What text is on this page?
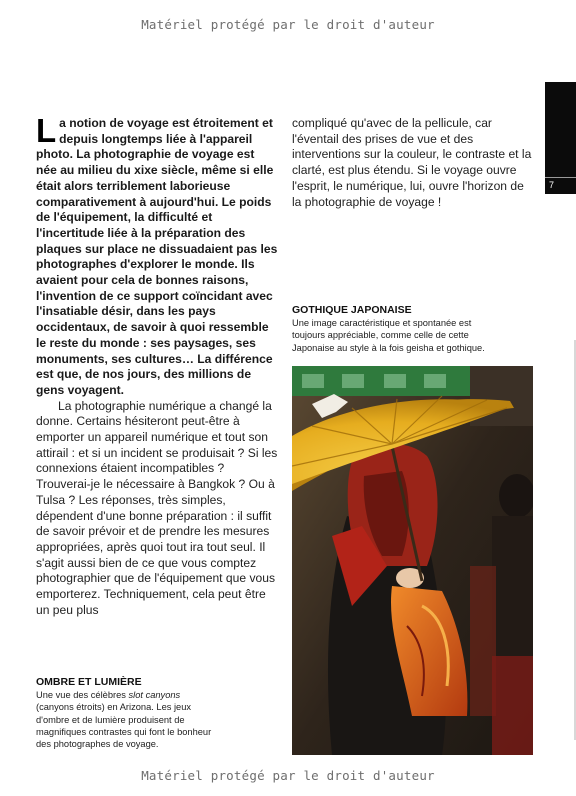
Matériel protégé par le droit d'auteur
7

La notion de voyage est étroitement et depuis longtemps liée à l'appareil photo. La photographie de voyage est née au milieu du xixe siècle, même si elle était alors terriblement laborieuse comparativement à aujourd'hui. Le poids de l'équipement, la difficulté et l'incertitude liée à la préparation des plaques sur place ne dissuadaient pas les photographes d'explorer le monde. Ils avaient pour cela de bonnes raisons, l'invention de ce support coïncidant avec l'insatiable désir, dans les pays occidentaux, de savoir à quoi ressemble le reste du monde : ses paysages, ses monuments, ses cultures… La différence est que, de nos jours, des millions de gens voyagent.

La photographie numérique a changé la donne. Certains hésiteront peut-être à emporter un appareil numérique et tout son attirail : et si un incident se produisait ? Si les connexions étaient incompatibles ? Trouverai-je le nécessaire à Bangkok ? Ou à Tulsa ? Les réponses, très simples, dépendent d'une bonne préparation : il suffit de savoir prévoir et de prendre les mesures appropriées, après quoi tout ira tout seul. Il s'agit aussi bien de ce que vous comptez photographier que de l'équipement que vous emporterez. Techniquement, cela peut être un peu plus

compliqué qu'avec de la pellicule, car l'éventail des prises de vue et des interventions sur la couleur, le contraste et la clarté, est plus étendu. Si le voyage ouvre l'esprit, le numérique, lui, ouvre l'horizon de la photographie de voyage !

GOTHIQUE JAPONAISE

Une image caractéristique et spontanée est toujours appréciable, comme celle de cette Japonaise au style à la fois geisha et gothique.

OMBRE ET LUMIÈRE

Une vue des célèbres slot canyons (canyons étroits) en Arizona. Les jeux d'ombre et de lumière produisent de magnifiques contrastes qui font le bonheur des photographes de voyage.

Matériel protégé par le droit d'auteur
